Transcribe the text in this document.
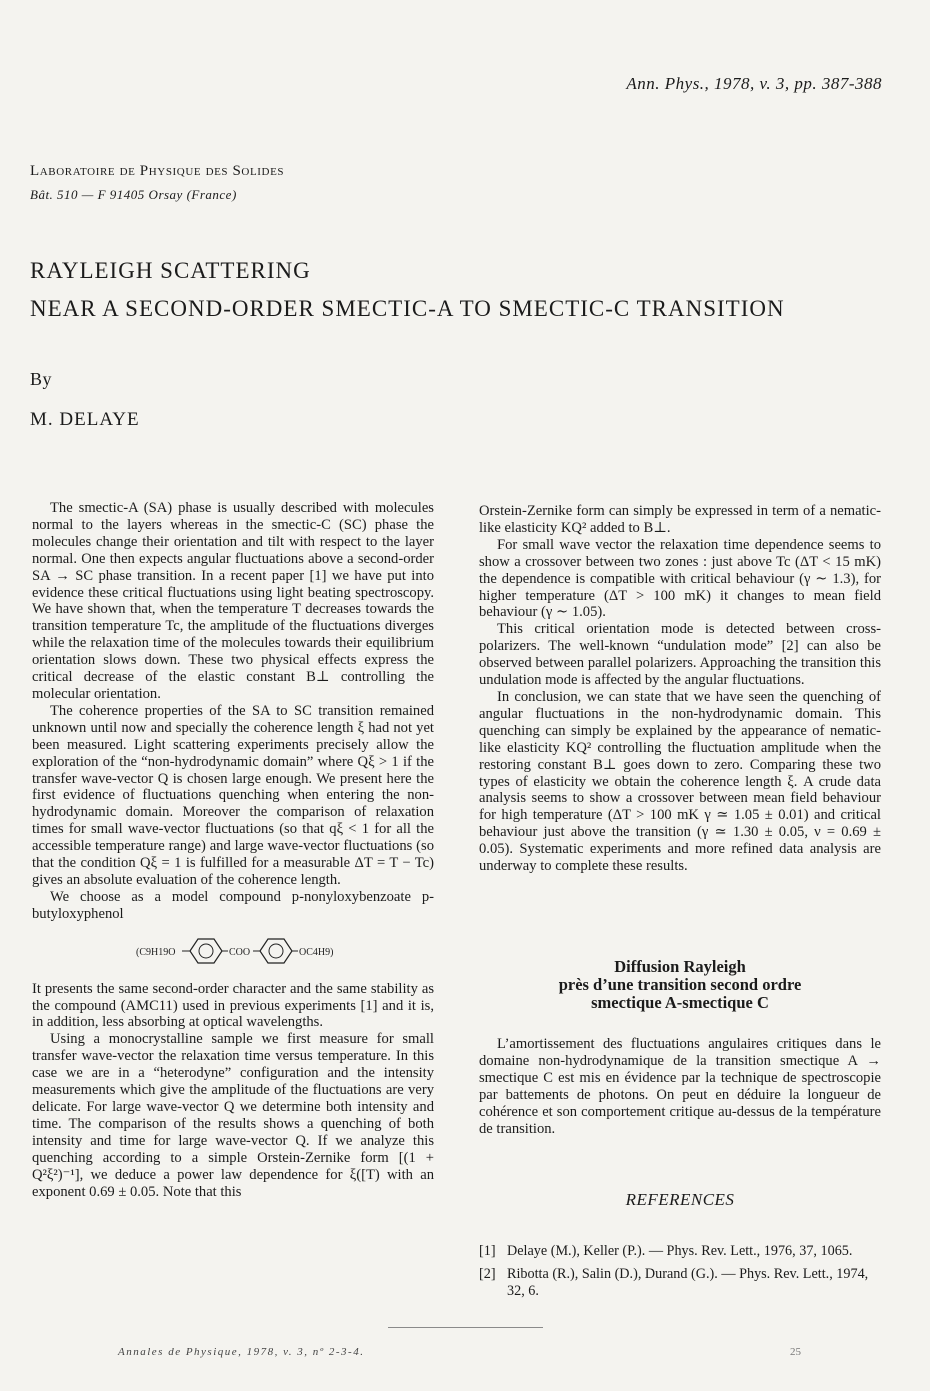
Ann. Phys., 1978, v. 3, pp. 387-388
Laboratoire de Physique des Solides
Bât. 510 — F 91405 Orsay (France)
RAYLEIGH SCATTERING
NEAR A SECOND-ORDER SMECTIC-A TO SMECTIC-C TRANSITION
By
M. DELAYE

The smectic-A (SA) phase is usually described with molecules normal to the layers whereas in the smectic-C (SC) phase the molecules change their orientation and tilt with respect to the layer normal. One then expects angular fluctuations above a second-order SA → SC phase transition. In a recent paper [1] we have put into evidence these critical fluctuations using light beating spectroscopy. We have shown that, when the temperature T decreases towards the transition temperature Tc, the amplitude of the fluctuations diverges while the relaxation time of the molecules towards their equilibrium orientation slows down. These two physical effects express the critical decrease of the elastic constant B⊥ controlling the molecular orientation.

The coherence properties of the SA to SC transition remained unknown until now and specially the coherence length ξ had not yet been measured. Light scattering experiments precisely allow the exploration of the “non-hydrodynamic domain” where Qξ > 1 if the transfer wave-vector Q is chosen large enough. We present here the first evidence of fluctuations quenching when entering the non-hydrodynamic domain. Moreover the comparison of relaxation times for small wave-vector fluctuations (so that qξ < 1 for all the accessible temperature range) and large wave-vector fluctuations (so that the condition Qξ = 1 is fulfilled for a measurable ΔT = T − Tc) gives an absolute evaluation of the coherence length.

We choose as a model compound p-nonyloxybenzoate p-butyloxyphenol

(C9H19O	COO	OC4H9)

It presents the same second-order character and the same stability as the compound (AMC11) used in previous experiments [1] and it is, in addition, less absorbing at optical wavelengths.

Using a monocrystalline sample we first measure for small transfer wave-vector the relaxation time versus temperature. In this case we are in a “heterodyne” configuration and the intensity measurements which give the amplitude of the fluctuations are very delicate. For large wave-vector Q we determine both intensity and time. The comparison of the results shows a quenching of both intensity and time for large wave-vector Q. If we analyze this quenching according to a simple Orstein-Zernike form [(1 + Q²ξ²)⁻¹], we deduce a power law dependence for ξ([T) with an exponent 0.69 ± 0.05. Note that this

Orstein-Zernike form can simply be expressed in term of a nematic-like elasticity KQ² added to B⊥.

For small wave vector the relaxation time dependence seems to show a crossover between two zones : just above Tc (ΔT < 15 mK) the dependence is compatible with critical behaviour (γ ∼ 1.3), for higher temperature (ΔT > 100 mK) it changes to mean field behaviour (γ ∼ 1.05).

This critical orientation mode is detected between cross-polarizers. The well-known “undulation mode” [2] can also be observed between parallel polarizers. Approaching the transition this undulation mode is affected by the angular fluctuations.

In conclusion, we can state that we have seen the quenching of angular fluctuations in the non-hydrodynamic domain. This quenching can simply be explained by the appearance of nematic-like elasticity KQ² controlling the fluctuation amplitude when the restoring constant B⊥ goes down to zero. Comparing these two types of elasticity we obtain the coherence length ξ. A crude data analysis seems to show a crossover between mean field behaviour for high temperature (ΔT > 100 mK γ ≃ 1.05 ± 0.01) and critical behaviour just above the transition (γ ≃ 1.30 ± 0.05, ν = 0.69 ± 0.05). Systematic experiments and more refined data analysis are underway to complete these results.

Diffusion Rayleigh
près d’une transition second ordre
smectique A-smectique C

L’amortissement des fluctuations angulaires critiques dans le domaine non-hydrodynamique de la transition smectique A → smectique C est mis en évidence par la technique de spectroscopie par battements de photons. On peut en déduire la longueur de cohérence et son comportement critique au-dessus de la température de transition.

REFERENCES
[1] Delaye (M.), Keller (P.). — Phys. Rev. Lett., 1976, 37, 1065.
[2] Ribotta (R.), Salin (D.), Durand (G.). — Phys. Rev. Lett., 1974, 32, 6.
Annales de Physique, 1978, v. 3, nº 2-3-4.	25
